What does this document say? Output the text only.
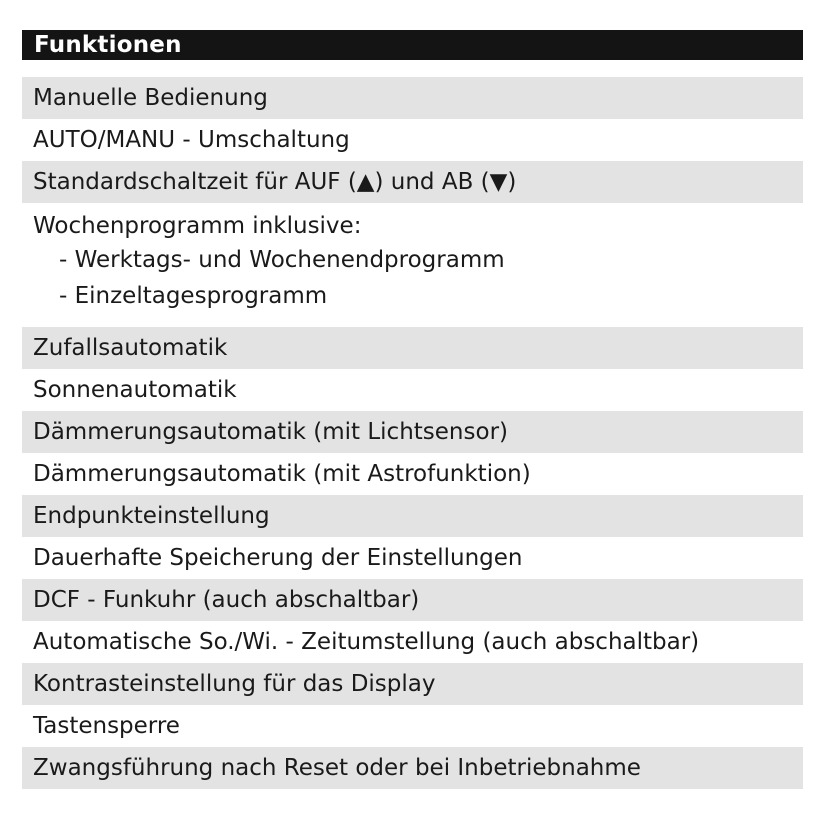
Funktionen
Manuelle Bedienung
AUTO/MANU - Umschaltung
Standardschaltzeit für AUF (▲) und AB (▼)
Wochenprogramm inklusive:
- Werktags- und Wochenendprogramm
- Einzeltagesprogramm
Zufallsautomatik
Sonnenautomatik
Dämmerungsautomatik (mit Lichtsensor)
Dämmerungsautomatik (mit Astrofunktion)
Endpunkteinstellung
Dauerhafte Speicherung der Einstellungen
DCF - Funkuhr (auch abschaltbar)
Automatische So./Wi. - Zeitumstellung (auch abschaltbar)
Kontrasteinstellung für das Display
Tastensperre
Zwangsführung nach Reset oder bei Inbetriebnahme
